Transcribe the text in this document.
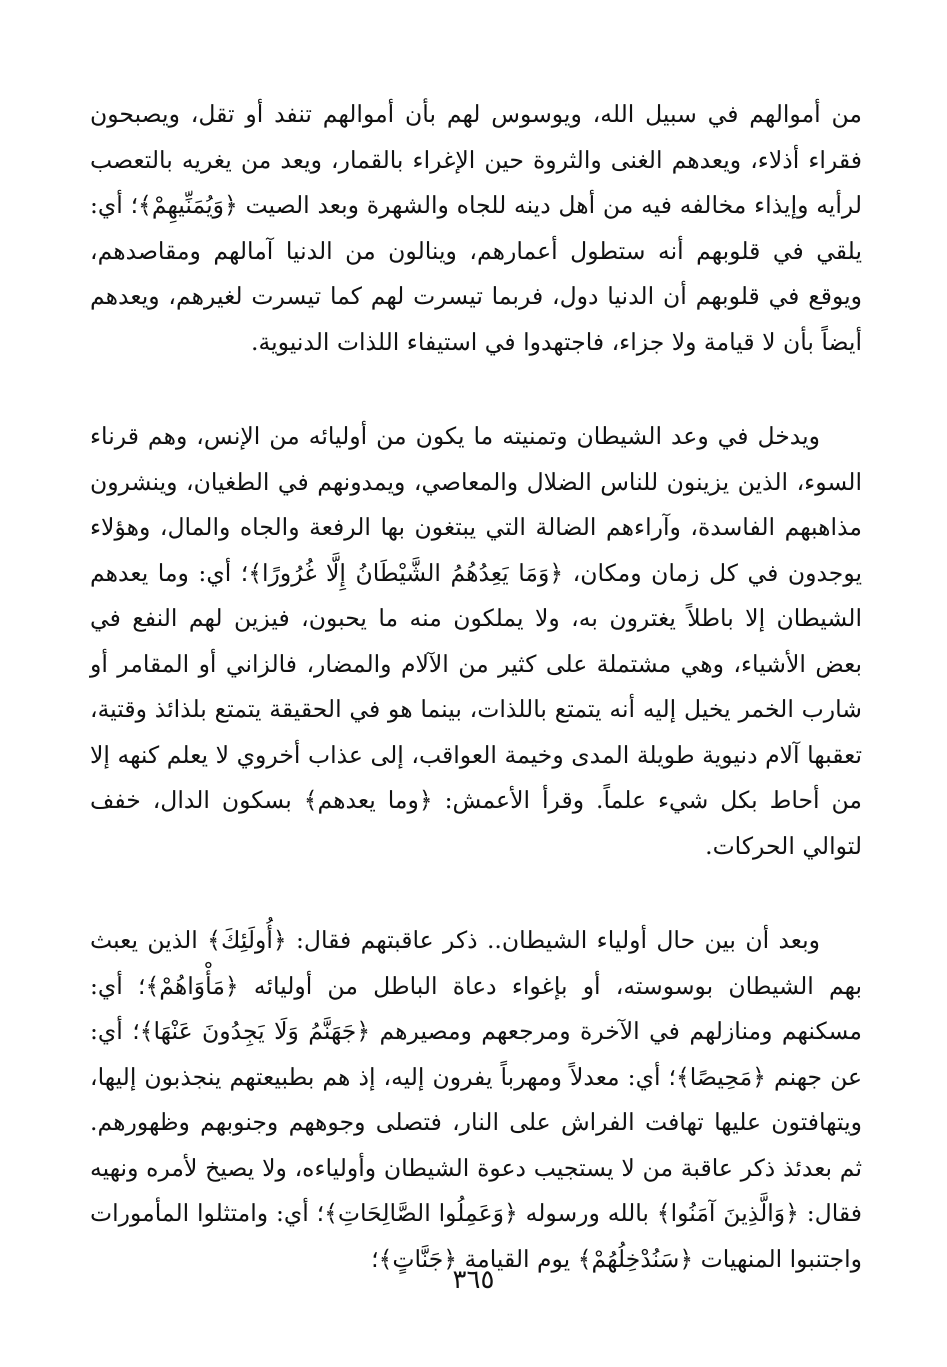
من أموالهم في سبيل الله، ويوسوس لهم بأن أموالهم تنفد أو تقل، ويصبحون فقراء أذلاء، ويعدهم الغنى والثروة حين الإغراء بالقمار، ويعد من يغريه بالتعصب لرأيه وإيذاء مخالفه فيه من أهل دينه للجاه والشهرة وبعد الصيت ﴿وَيُمَنِّيهِمْ﴾؛ أي: يلقي في قلوبهم أنه ستطول أعمارهم، وينالون من الدنيا آمالهم ومقاصدهم، ويوقع في قلوبهم أن الدنيا دول، فربما تيسرت لهم كما تيسرت لغيرهم، ويعدهم أيضاً بأن لا قيامة ولا جزاء، فاجتهدوا في استيفاء اللذات الدنيوية.

ويدخل في وعد الشيطان وتمنيته ما يكون من أوليائه من الإنس، وهم قرناء السوء، الذين يزينون للناس الضلال والمعاصي، ويمدونهم في الطغيان، وينشرون مذاهبهم الفاسدة، وآراءهم الضالة التي يبتغون بها الرفعة والجاه والمال، وهؤلاء يوجدون في كل زمان ومكان، ﴿وَمَا يَعِدُهُمُ الشَّيْطَانُ إِلَّا غُرُورًا﴾؛ أي: وما يعدهم الشيطان إلا باطلاً يغترون به، ولا يملكون منه ما يحبون، فيزين لهم النفع في بعض الأشياء، وهي مشتملة على كثير من الآلام والمضار، فالزاني أو المقامر أو شارب الخمر يخيل إليه أنه يتمتع باللذات، بينما هو في الحقيقة يتمتع بلذائذ وقتية، تعقبها آلام دنيوية طويلة المدى وخيمة العواقب، إلى عذاب أخروي لا يعلم كنهه إلا من أحاط بكل شيء علماً. وقرأ الأعمش: ﴿وما يعدهم﴾ بسكون الدال، خفف لتوالي الحركات.

وبعد أن بين حال أولياء الشيطان.. ذكر عاقبتهم فقال: ﴿أُولَئِكَ﴾ الذين يعبث بهم الشيطان بوسوسته، أو بإغواء دعاة الباطل من أوليائه ﴿مَأْوَاهُمْ﴾؛ أي: مسكنهم ومنازلهم في الآخرة ومرجعهم ومصيرهم ﴿جَهَنَّمُ وَلَا يَجِدُونَ عَنْهَا﴾؛ أي: عن جهنم ﴿مَحِيصًا﴾؛ أي: معدلاً ومهرباً يفرون إليه، إذ هم بطبيعتهم ينجذبون إليها، ويتهافتون عليها تهافت الفراش على النار، فتصلى وجوههم وجنوبهم وظهورهم. ثم بعدئذ ذكر عاقبة من لا يستجيب دعوة الشيطان وأولياءه، ولا يصيخ لأمره ونهيه فقال: ﴿وَالَّذِينَ آمَنُوا﴾ بالله ورسوله ﴿وَعَمِلُوا الصَّالِحَاتِ﴾؛ أي: وامتثلوا المأمورات واجتنبوا المنهيات ﴿سَنُدْخِلُهُمْ﴾ يوم القيامة ﴿جَنَّاتٍ﴾؛

٣٦٥
